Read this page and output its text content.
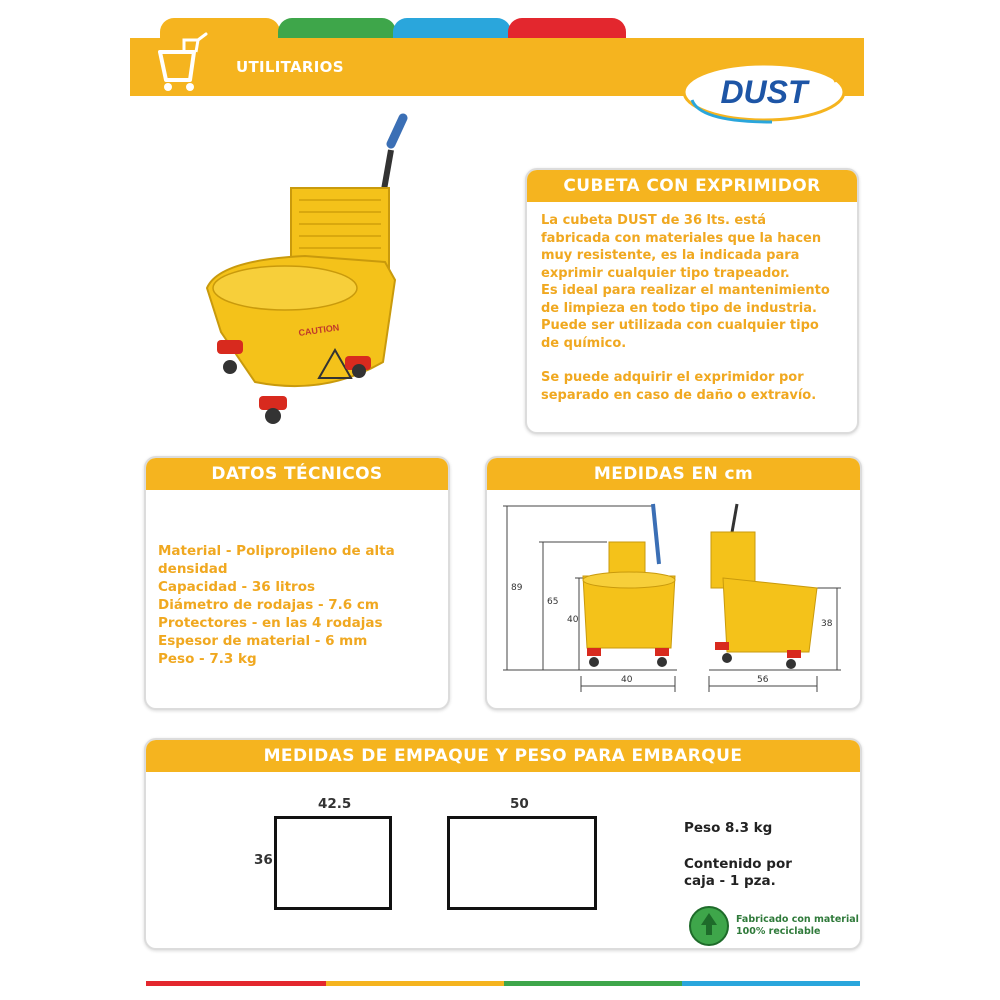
UTILITARIOS
DUST
CAUTION
CUBETA CON EXPRIMIDOR

La cubeta DUST de 36 lts. está fabricada con materiales que la hacen muy resistente, es la indicada para exprimir cualquier tipo trapeador.

Es ideal para realizar el mantenimiento de limpieza en todo tipo de industria.

Puede ser utilizada con cualquier tipo de químico.

Se puede adquirir el exprimidor por separado en caso de daño o extravío.

DATOS TÉCNICOS
Material - Polipropileno de alta densidad
Capacidad - 36 litros
Diámetro de rodajas - 7.6 cm
Protectores - en las 4 rodajas
Espesor de material - 6 mm
Peso - 7.3 kg
MEDIDAS EN cm
89
65
40
40
38
56
MEDIDAS DE EMPAQUE Y PESO PARA EMBARQUE
42.5	50
36
Peso 8.3 kg
Contenido por
caja - 1 pza.
Fabricado con material
100% reciclable
